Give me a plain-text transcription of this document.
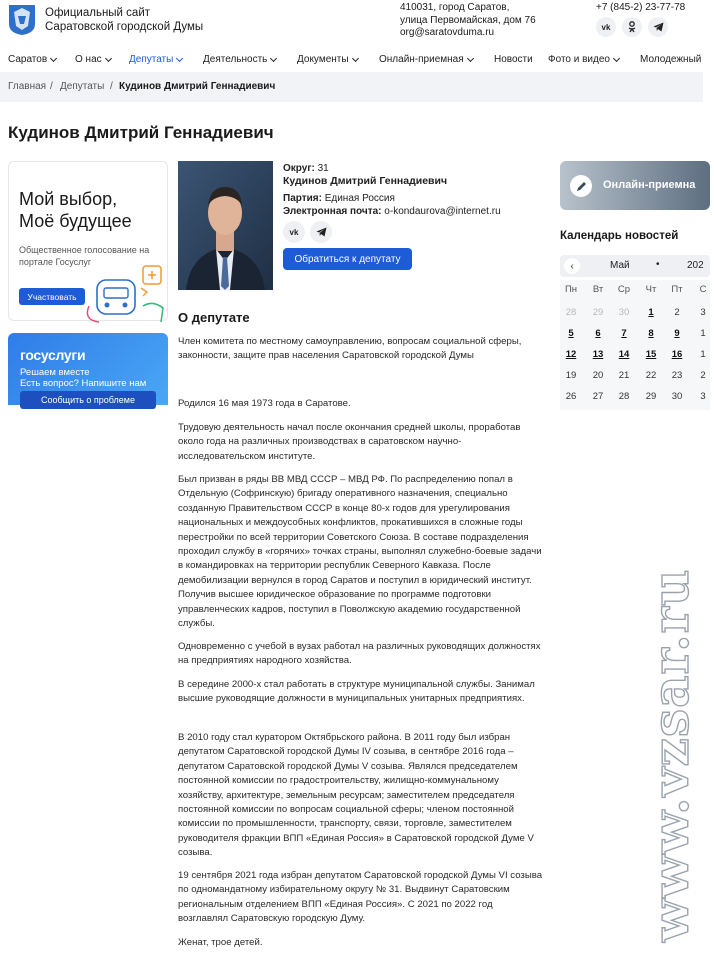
Официальный сайт
Саратовской городской Думы
410031, город Саратов,
улица Первомайская, дом 76
org@saratovduma.ru
+7 (845-2) 23-77-78
vk
Саратов	О нас	Депутаты	Деятельность	Документы	Онлайн-приемная	Новости Фото и видео	Молодежный
Главная / Депутаты / Кудинов Дмитрий Геннадиевич
Кудинов Дмитрий Геннадиевич
Мой выбор,
Моё будущее
Общественное голосование на
портале Госуслуг
Участвовать
госуслуги
Решаем вместе
Есть вопрос? Напишите нам
Сообщить о проблеме
Округ: 31
Кудинов Дмитрий Геннадиевич
Партия: Единая Россия
Электронная почта: o-kondaurova@internet.ru
vk
Обратиться к депутату
О депутате

Член комитета по местному самоуправлению, вопросам социальной сферы, законности, защите прав населения Саратовской городской Думы

Родился 16 мая 1973 года в Саратове.

Трудовую деятельность начал после окончания средней школы, проработав около года на различных производствах в саратовском научно-исследовательском институте.

Был призван в ряды ВВ МВД СССР – МВД РФ. По распределению попал в Отдельную (Софринскую) бригаду оперативного назначения, специально созданную Правительством СССР в конце 80-х годов для урегулирования национальных и междоусобных конфликтов, прокатившихся в сложные годы перестройки по всей территории Советского Союза. В составе подразделения проходил службу в «горячих» точках страны, выполнял служебно-боевые задачи в командировках на территории республик Северного Кавказа. После демобилизации вернулся в город Саратов и поступил в юридический институт. Получив высшее юридическое образование по программе подготовки управленческих кадров, поступил в Поволжскую академию государственной службы.

Одновременно с учебой в вузах работал на различных руководящих должностях на предприятиях народного хозяйства.

В середине 2000-х стал работать в структуре муниципальной службы. Занимал высшие руководящие должности в муниципальных унитарных предприятиях.

В 2010 году стал куратором Октябрьского района. В 2011 году был избран депутатом Саратовской городской Думы IV созыва, в сентябре 2016 года – депутатом Саратовской городской Думы V созыва. Являлся председателем постоянной комиссии по градостроительству, жилищно-коммунальному хозяйству, архитектуре, земельным ресурсам; заместителем председателя постоянной комиссии по вопросам социальной сферы; членом постоянной комиссии по промышленности, транспорту, связи, торговле, заместителем руководителя фракции ВПП «Единая Россия» в Саратовской городской Думе V созыва.

19 сентября 2021 года избран депутатом Саратовской городской Думы VI созыва по одномандатному избирательному округу № 31. Выдвинут Саратовским региональным отделением ВПП «Единая Россия». С 2021 по 2022 год возглавлял Саратовскую городскую Думу.

Женат, трое детей.

Онлайн-приемна
Календарь новостей
‹	Май	•	202
Пн	Вт	Ср	Чт	Пт	С
28	29	30	1	2	3
5	6	7	8	9	1
12	13	14	15	16	1
19	20	21	22	23	2
26	27	28	29	30	3
www.vzsar.ru
